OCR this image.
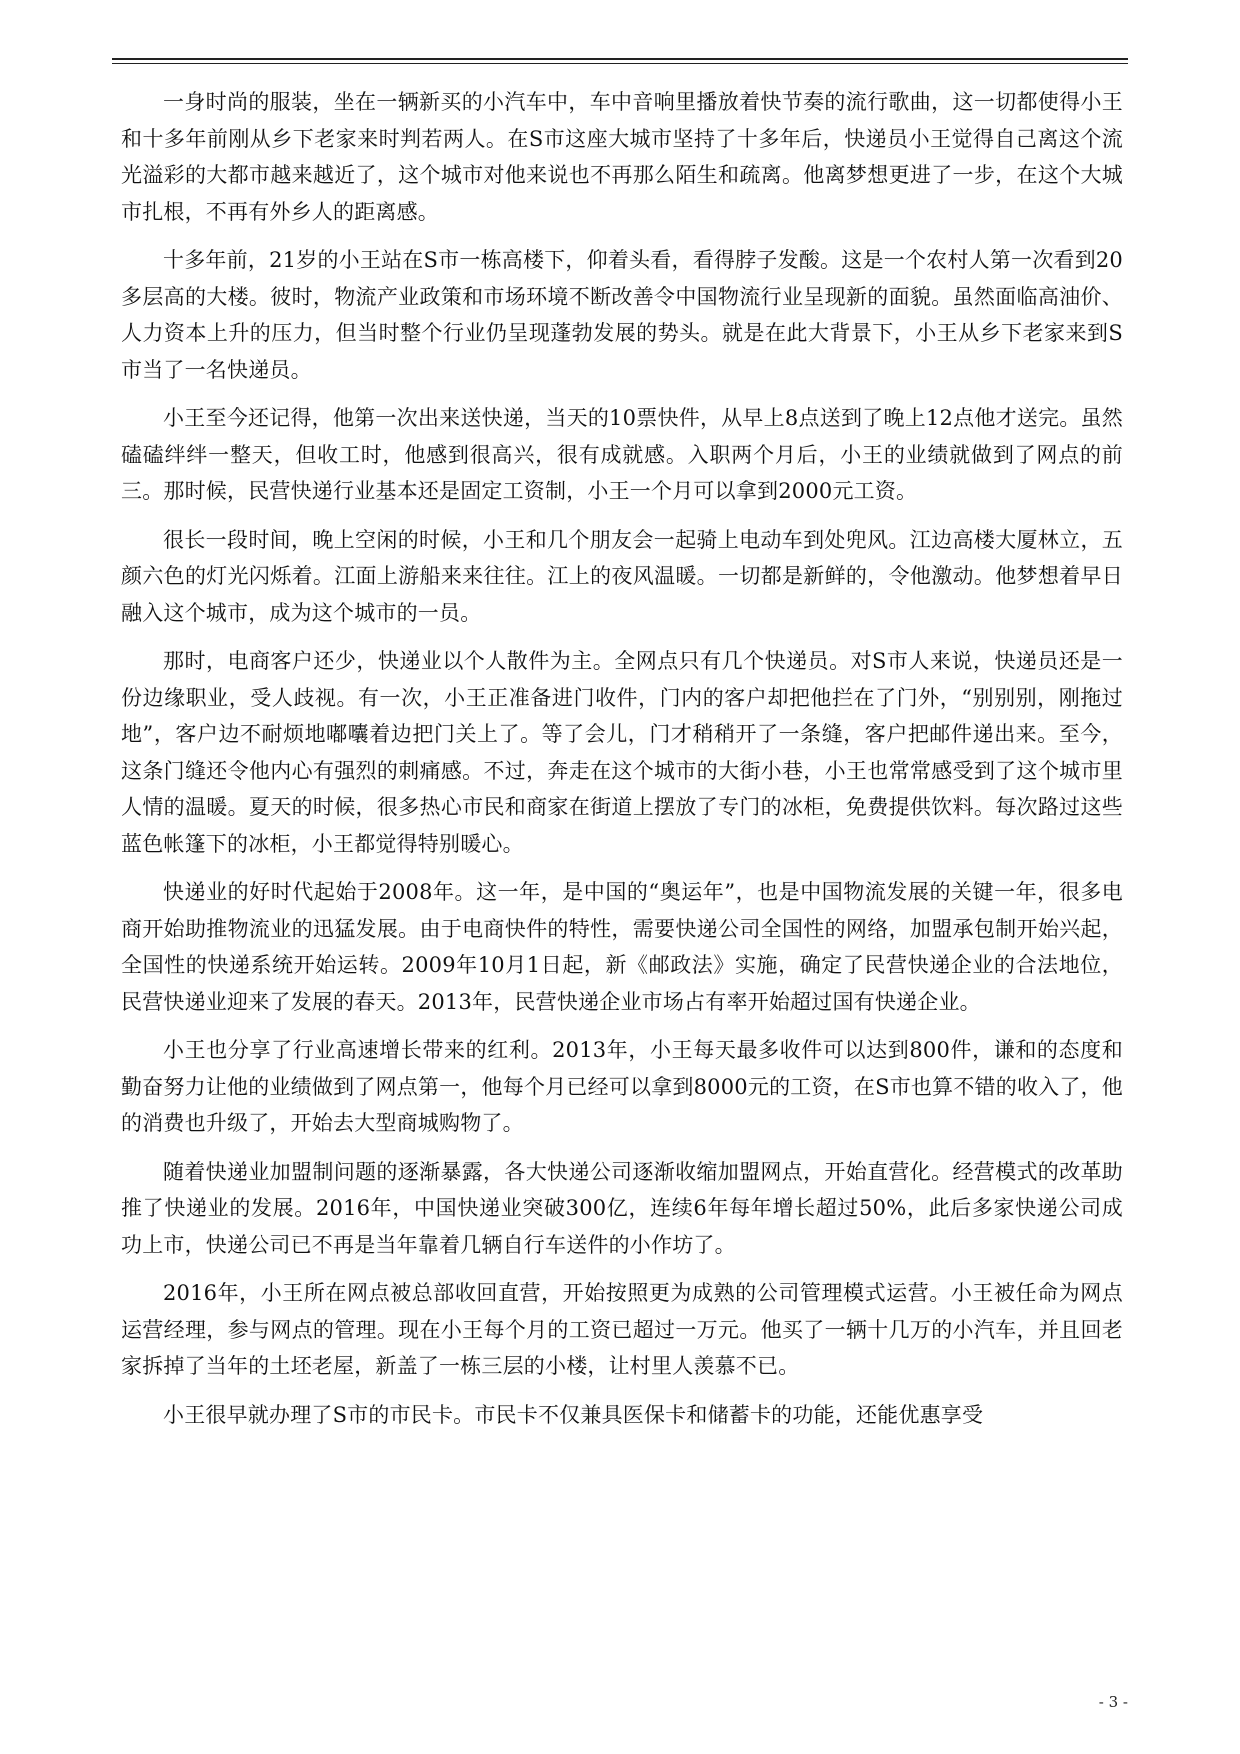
一身时尚的服装，坐在一辆新买的小汽车中，车中音响里播放着快节奏的流行歌曲，这一切都使得小王和十多年前刚从乡下老家来时判若两人。在S市这座大城市坚持了十多年后，快递员小王觉得自己离这个流光溢彩的大都市越来越近了，这个城市对他来说也不再那么陌生和疏离。他离梦想更进了一步，在这个大城市扎根，不再有外乡人的距离感。

十多年前，21岁的小王站在S市一栋高楼下，仰着头看，看得脖子发酸。这是一个农村人第一次看到20多层高的大楼。彼时，物流产业政策和市场环境不断改善令中国物流行业呈现新的面貌。虽然面临高油价、人力资本上升的压力，但当时整个行业仍呈现蓬勃发展的势头。就是在此大背景下，小王从乡下老家来到S市当了一名快递员。

小王至今还记得，他第一次出来送快递，当天的10票快件，从早上8点送到了晚上12点他才送完。虽然磕磕绊绊一整天，但收工时，他感到很高兴，很有成就感。入职两个月后，小王的业绩就做到了网点的前三。那时候，民营快递行业基本还是固定工资制，小王一个月可以拿到2000元工资。

很长一段时间，晚上空闲的时候，小王和几个朋友会一起骑上电动车到处兜风。江边高楼大厦林立，五颜六色的灯光闪烁着。江面上游船来来往往。江上的夜风温暖。一切都是新鲜的，令他激动。他梦想着早日融入这个城市，成为这个城市的一员。

那时，电商客户还少，快递业以个人散件为主。全网点只有几个快递员。对S市人来说，快递员还是一份边缘职业，受人歧视。有一次，小王正准备进门收件，门内的客户却把他拦在了门外，“别别别，刚拖过地”，客户边不耐烦地嘟囔着边把门关上了。等了会儿，门才稍稍开了一条缝，客户把邮件递出来。至今，这条门缝还令他内心有强烈的刺痛感。不过，奔走在这个城市的大街小巷，小王也常常感受到了这个城市里人情的温暖。夏天的时候，很多热心市民和商家在街道上摆放了专门的冰柜，免费提供饮料。每次路过这些蓝色帐篷下的冰柜，小王都觉得特别暖心。

快递业的好时代起始于2008年。这一年，是中国的“奥运年”，也是中国物流发展的关键一年，很多电商开始助推物流业的迅猛发展。由于电商快件的特性，需要快递公司全国性的网络，加盟承包制开始兴起，全国性的快递系统开始运转。2009年10月1日起，新《邮政法》实施，确定了民营快递企业的合法地位，民营快递业迎来了发展的春天。2013年，民营快递企业市场占有率开始超过国有快递企业。

小王也分享了行业高速增长带来的红利。2013年，小王每天最多收件可以达到800件，谦和的态度和勤奋努力让他的业绩做到了网点第一，他每个月已经可以拿到8000元的工资，在S市也算不错的收入了，他的消费也升级了，开始去大型商城购物了。

随着快递业加盟制问题的逐渐暴露，各大快递公司逐渐收缩加盟网点，开始直营化。经营模式的改革助推了快递业的发展。2016年，中国快递业突破300亿，连续6年每年增长超过50%，此后多家快递公司成功上市，快递公司已不再是当年靠着几辆自行车送件的小作坊了。

2016年，小王所在网点被总部收回直营，开始按照更为成熟的公司管理模式运营。小王被任命为网点运营经理，参与网点的管理。现在小王每个月的工资已超过一万元。他买了一辆十几万的小汽车，并且回老家拆掉了当年的土坯老屋，新盖了一栋三层的小楼，让村里人羡慕不已。

小王很早就办理了S市的市民卡。市民卡不仅兼具医保卡和储蓄卡的功能，还能优惠享受

- 3 -
